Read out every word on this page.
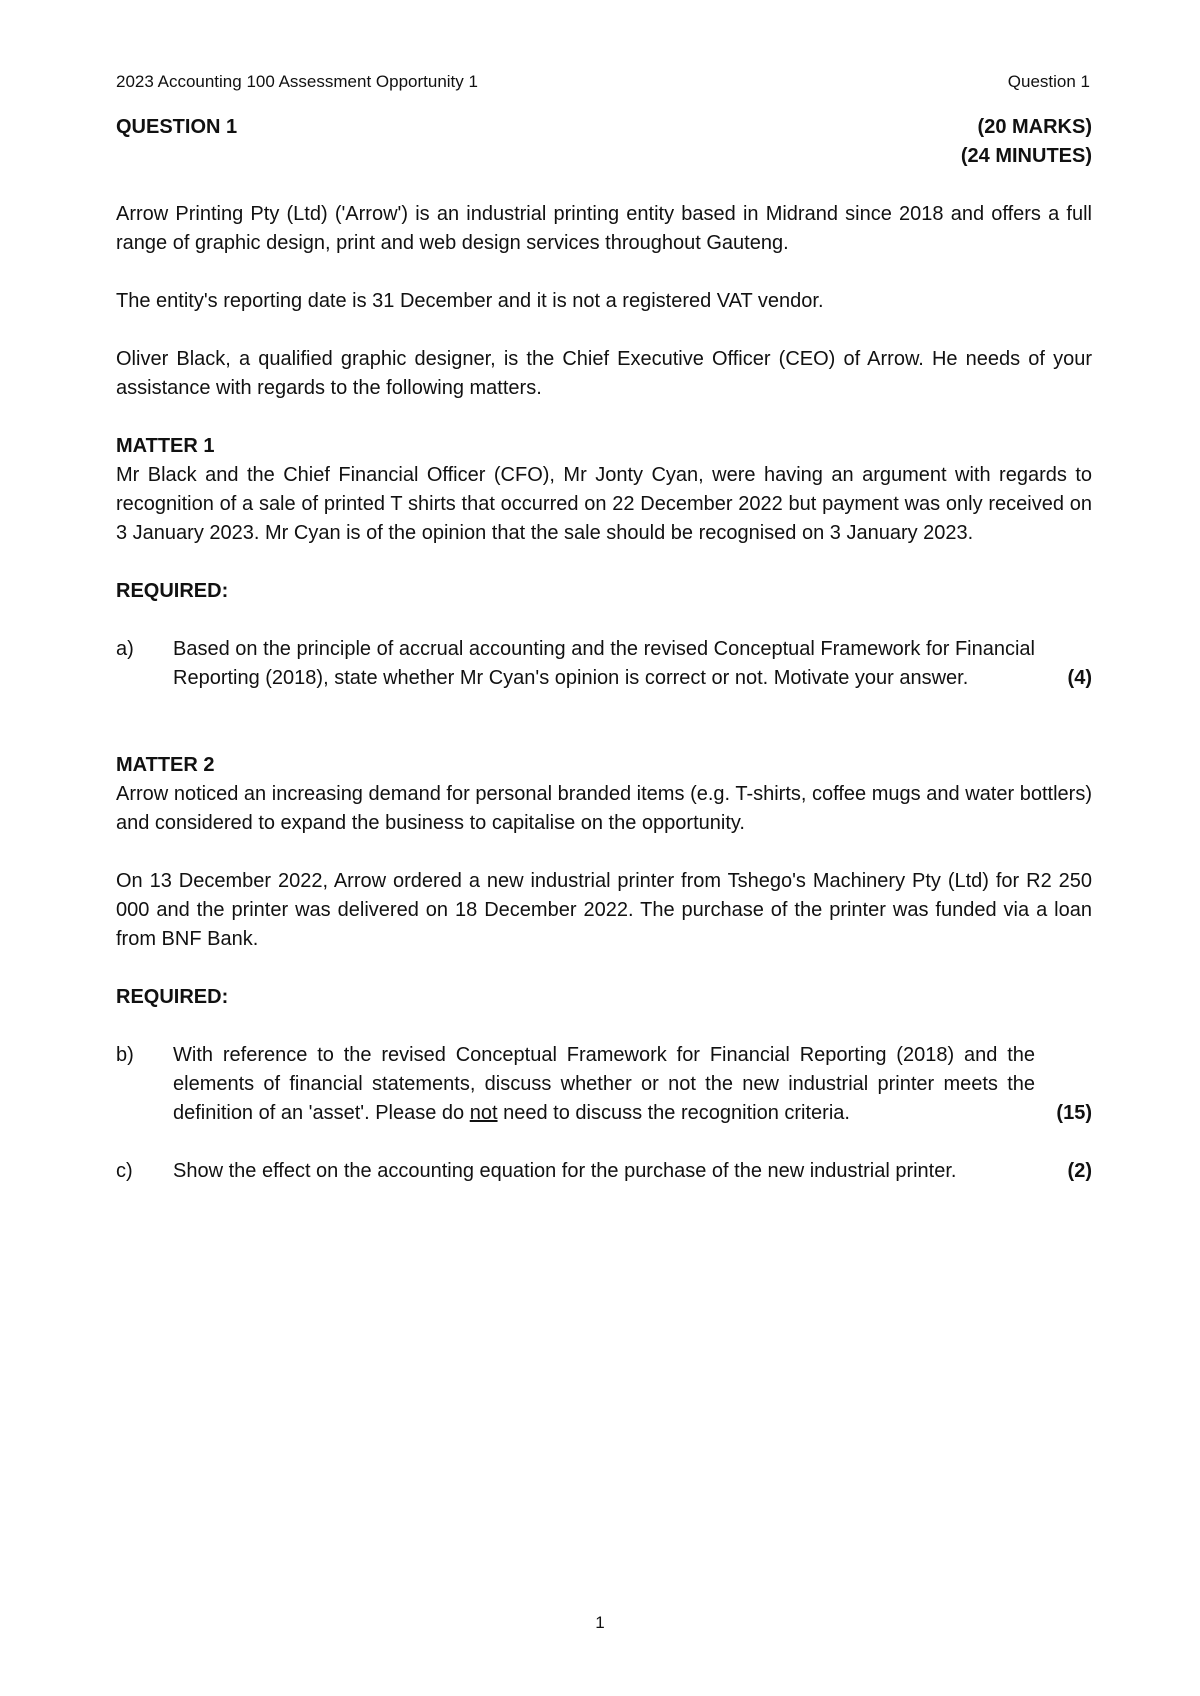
2023 Accounting 100 Assessment Opportunity 1	Question 1
QUESTION 1	(20 MARKS)
(24 MINUTES)

Arrow Printing Pty (Ltd) ('Arrow') is an industrial printing entity based in Midrand since 2018 and offers a full range of graphic design, print and web design services throughout Gauteng.

The entity's reporting date is 31 December and it is not a registered VAT vendor.

Oliver Black, a qualified graphic designer, is the Chief Executive Officer (CEO) of Arrow. He needs of your assistance with regards to the following matters.

MATTER 1

Mr Black and the Chief Financial Officer (CFO), Mr Jonty Cyan, were having an argument with regards to recognition of a sale of printed T shirts that occurred on 22 December 2022 but payment was only received on 3 January 2023. Mr Cyan is of the opinion that the sale should be recognised on 3 January 2023.

REQUIRED:
a)	Based on the principle of accrual accounting and the revised Conceptual Framework for Financial Reporting (2018), state whether Mr Cyan's opinion is correct or not. Motivate your answer.	(4)
MATTER 2

Arrow noticed an increasing demand for personal branded items (e.g. T-shirts, coffee mugs and water bottlers) and considered to expand the business to capitalise on the opportunity.

On 13 December 2022, Arrow ordered a new industrial printer from Tshego's Machinery Pty (Ltd) for R2 250 000 and the printer was delivered on 18 December 2022. The purchase of the printer was funded via a loan from BNF Bank.

REQUIRED:
b)	With reference to the revised Conceptual Framework for Financial Reporting (2018) and the elements of financial statements, discuss whether or not the new industrial printer meets the definition of an 'asset'. Please do not need to discuss the recognition criteria.	(15)
c)	Show the effect on the accounting equation for the purchase of the new industrial printer.	(2)
1
